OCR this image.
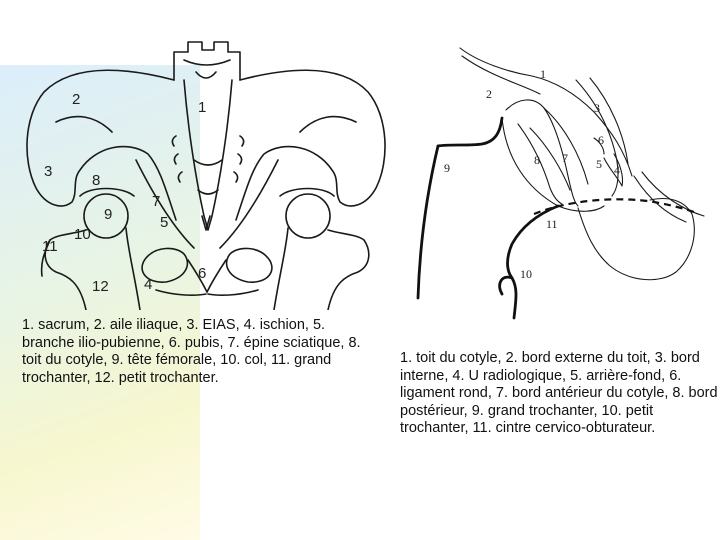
1
2
3
4
5
6
7
8
9
10
11
12

1. sacrum, 2. aile iliaque, 3. EIAS, 4. ischion, 5. branche ilio-pubienne, 6. pubis, 7. épine sciatique, 8. toit du cotyle, 9. tête fémorale, 10. col, 11. grand trochanter, 12. petit trochanter.

1
2
3
4
5
6
7
8
9
10
11

1. toit du cotyle, 2. bord externe du toit, 3. bord interne, 4. U radiologique, 5. arrière-fond, 6. ligament rond, 7. bord antérieur du cotyle, 8. bord postérieur, 9. grand trochanter, 10. petit trochanter, 11. cintre cervico-obturateur.
